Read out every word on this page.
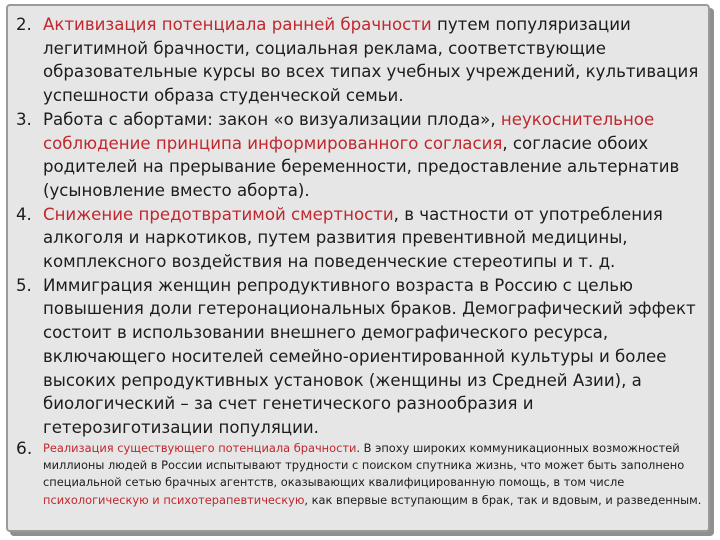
2. Активизация потенциала ранней брачности путем популяризации легитимной брачности, социальная реклама, соответствующие образовательные курсы во всех типах учебных учреждений, культивация успешности образа студенческой семьи.
3. Работа с абортами: закон «о визуализации плода», неукоснительное соблюдение принципа информированного согласия, согласие обоих родителей на прерывание беременности, предоставление альтернатив (усыновление вместо аборта).
4. Снижение предотвратимой смертности, в частности от употребления алкоголя и наркотиков, путем развития превентивной медицины, комплексного воздействия на поведенческие стереотипы и т. д.
5. Иммиграция женщин репродуктивного возраста в Россию с целью повышения доли гетеронациональных браков. Демографический эффект состоит в использовании внешнего демографического ресурса, включающего носителей семейно-ориентированной культуры и более высоких репродуктивных установок (женщины из Средней Азии), а биологический – за счет генетического разнообразия и гетерозиготизации популяции.
6. Реализация существующего потенциала брачности. В эпоху широких коммуникационных возможностей миллионы людей в России испытывают трудности с поиском спутника жизнь, что может быть заполнено специальной сетью брачных агентств, оказывающих квалифицированную помощь, в том числе психологическую и психотерапевтическую, как впервые вступающим в брак, так и вдовым, и разведенным.
